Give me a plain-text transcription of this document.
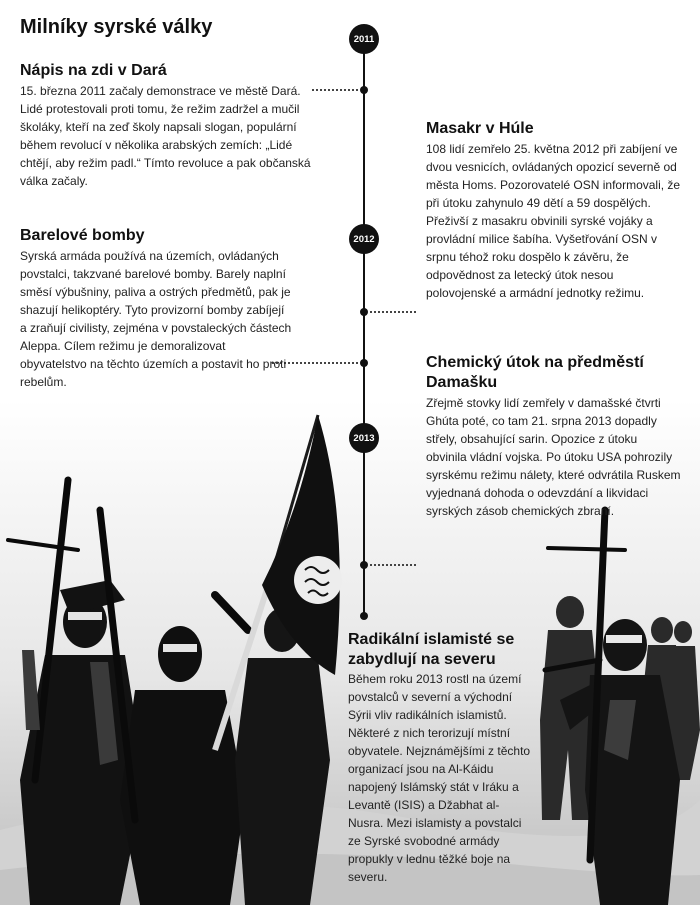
Milníky syrské války
2011
2012
2013
Nápis na zdi v Dará

15. března 2011 začaly demonstrace ve městě Dará. Lidé protestovali proti tomu, že režim zadržel a mučil školáky, kteří na zeď školy napsali slogan, populární během revolucí v několika arabských zemích: „Lidé chtějí, aby režim padl.“ Tímto revoluce a pak občanská válka začaly.

Masakr v Húle

108 lidí zemřelo 25. května 2012 při zabíjení ve dvou vesnicích, ovládaných opozicí severně od města Homs. Pozorovatelé OSN informovali, že při útoku zahynulo 49 dětí a 59 dospělých. Přeživší z masakru obvinili syrské vojáky a provládní milice šabíha. Vyšetřování OSN v srpnu téhož roku dospělo k závěru, že odpovědnost za letecký útok nesou polovojenské a armádní jednotky režimu.

Barelové bomby

Syrská armáda používá na územích, ovládaných povstalci, takzvané barelové bomby. Barely naplní směsí výbušniny, paliva a ostrých předmětů, pak je shazují helikoptéry. Tyto provizorní bomby zabíjejí a zraňují civilisty, zejména v povstaleckých částech Aleppa. Cílem režimu je demoralizovat obyvatelstvo na těchto územích a postavit ho proti rebelům.

Chemický útok na předměstí Damašku

Zřejmě stovky lidí zemřely v damašské čtvrti Ghúta poté, co tam 21. srpna 2013 dopadly střely, obsahující sarin. Opozice z útoku obvinila vládní vojska. Po útoku USA pohrozily syrskému režimu nálety, které odvrátila Ruskem vyjednaná dohoda o odevzdání a likvidaci syrských zásob chemických zbraní.

Radikální islamisté se zabydlují na severu

Během roku 2013 rostl na území povstalců v severní a východní Sýrii vliv radikálních islamistů. Některé z nich terorizují místní obyvatele. Nejznámějšími z těchto organizací jsou na Al-Káidu napojený Islámský stát v Iráku a Levantě (ISIS) a Džabhat al-Nusra. Mezi islamisty a povstalci ze Syrské svobodné armády propukly v lednu těžké boje na severu.
